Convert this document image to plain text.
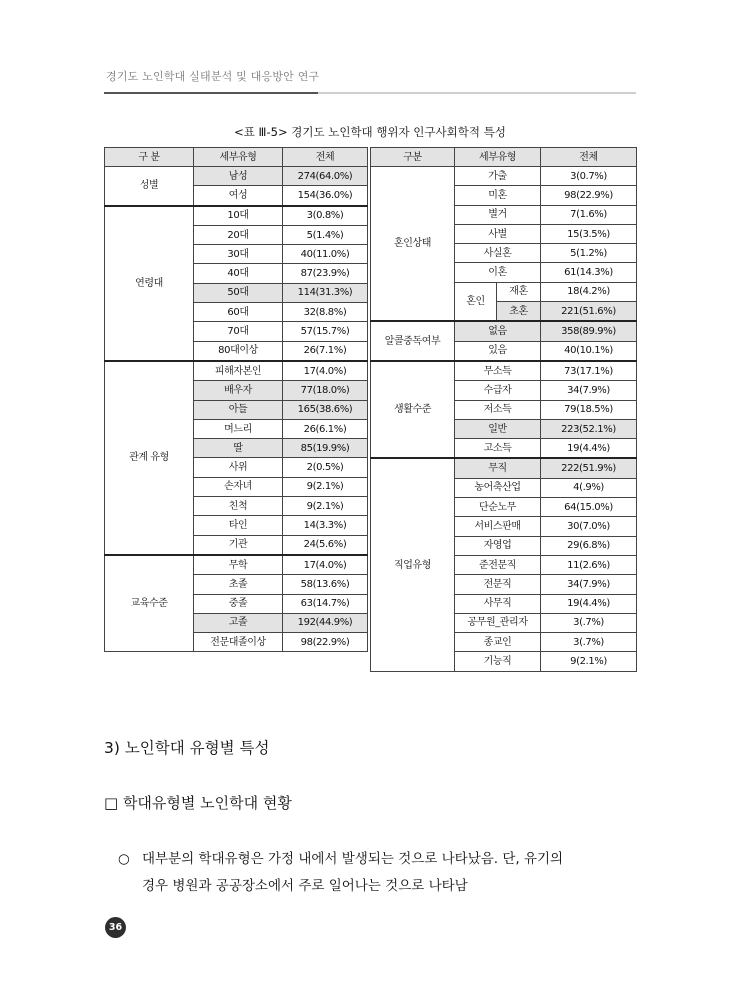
경기도 노인학대 실태분석 및 대응방안 연구
<표 Ⅲ-5> 경기도 노인학대 행위자 인구사회학적 특성
구 분	세부유형	전체
성별	남성	274(64.0%)
	여성	154(36.0%)
연령대	10대	3(0.8%)
	20대	5(1.4%)
	30대	40(11.0%)
	40대	87(23.9%)
	50대	114(31.3%)
	60대	32(8.8%)
	70대	57(15.7%)
	80대이상	26(7.1%)
관계 유형	피해자본인	17(4.0%)
	배우자	77(18.0%)
	아들	165(38.6%)
	며느리	26(6.1%)
	딸	85(19.9%)
	사위	2(0.5%)
	손자녀	9(2.1%)
	친척	9(2.1%)
	타인	14(3.3%)
	기관	24(5.6%)
교육수준	무학	17(4.0%)
	초졸	58(13.6%)
	중졸	63(14.7%)
	고졸	192(44.9%)
	전문대졸이상	98(22.9%)
구분	세부유형		전체
혼인상태	가출		3(0.7%)
	미혼		98(22.9%)
	별거		7(1.6%)
	사별		15(3.5%)
	사실혼		5(1.2%)
	이혼		61(14.3%)
	혼인	재혼	18(4.2%)
		초혼	221(51.6%)
알콜중독여부	없음		358(89.9%)
	있음		40(10.1%)
생활수준	무소득		73(17.1%)
	수급자		34(7.9%)
	저소득		79(18.5%)
	일반		223(52.1%)
	고소득		19(4.4%)
직업유형	무직		222(51.9%)
	농어축산업		4(.9%)
	단순노무		64(15.0%)
	서비스판매		30(7.0%)
	자영업		29(6.8%)
	준전문직		11(2.6%)
	전문직		34(7.9%)
	사무직		19(4.4%)
	공무원_관리자		3(.7%)
	종교인		3(.7%)
	기능직		9(2.1%)
3) 노인학대 유형별 특성
□ 학대유형별 노인학대 현황
○ 대부분의 학대유형은 가정 내에서 발생되는 것으로 나타났음. 단, 유기의
경우 병원과 공공장소에서 주로 일어나는 것으로 나타남
36
